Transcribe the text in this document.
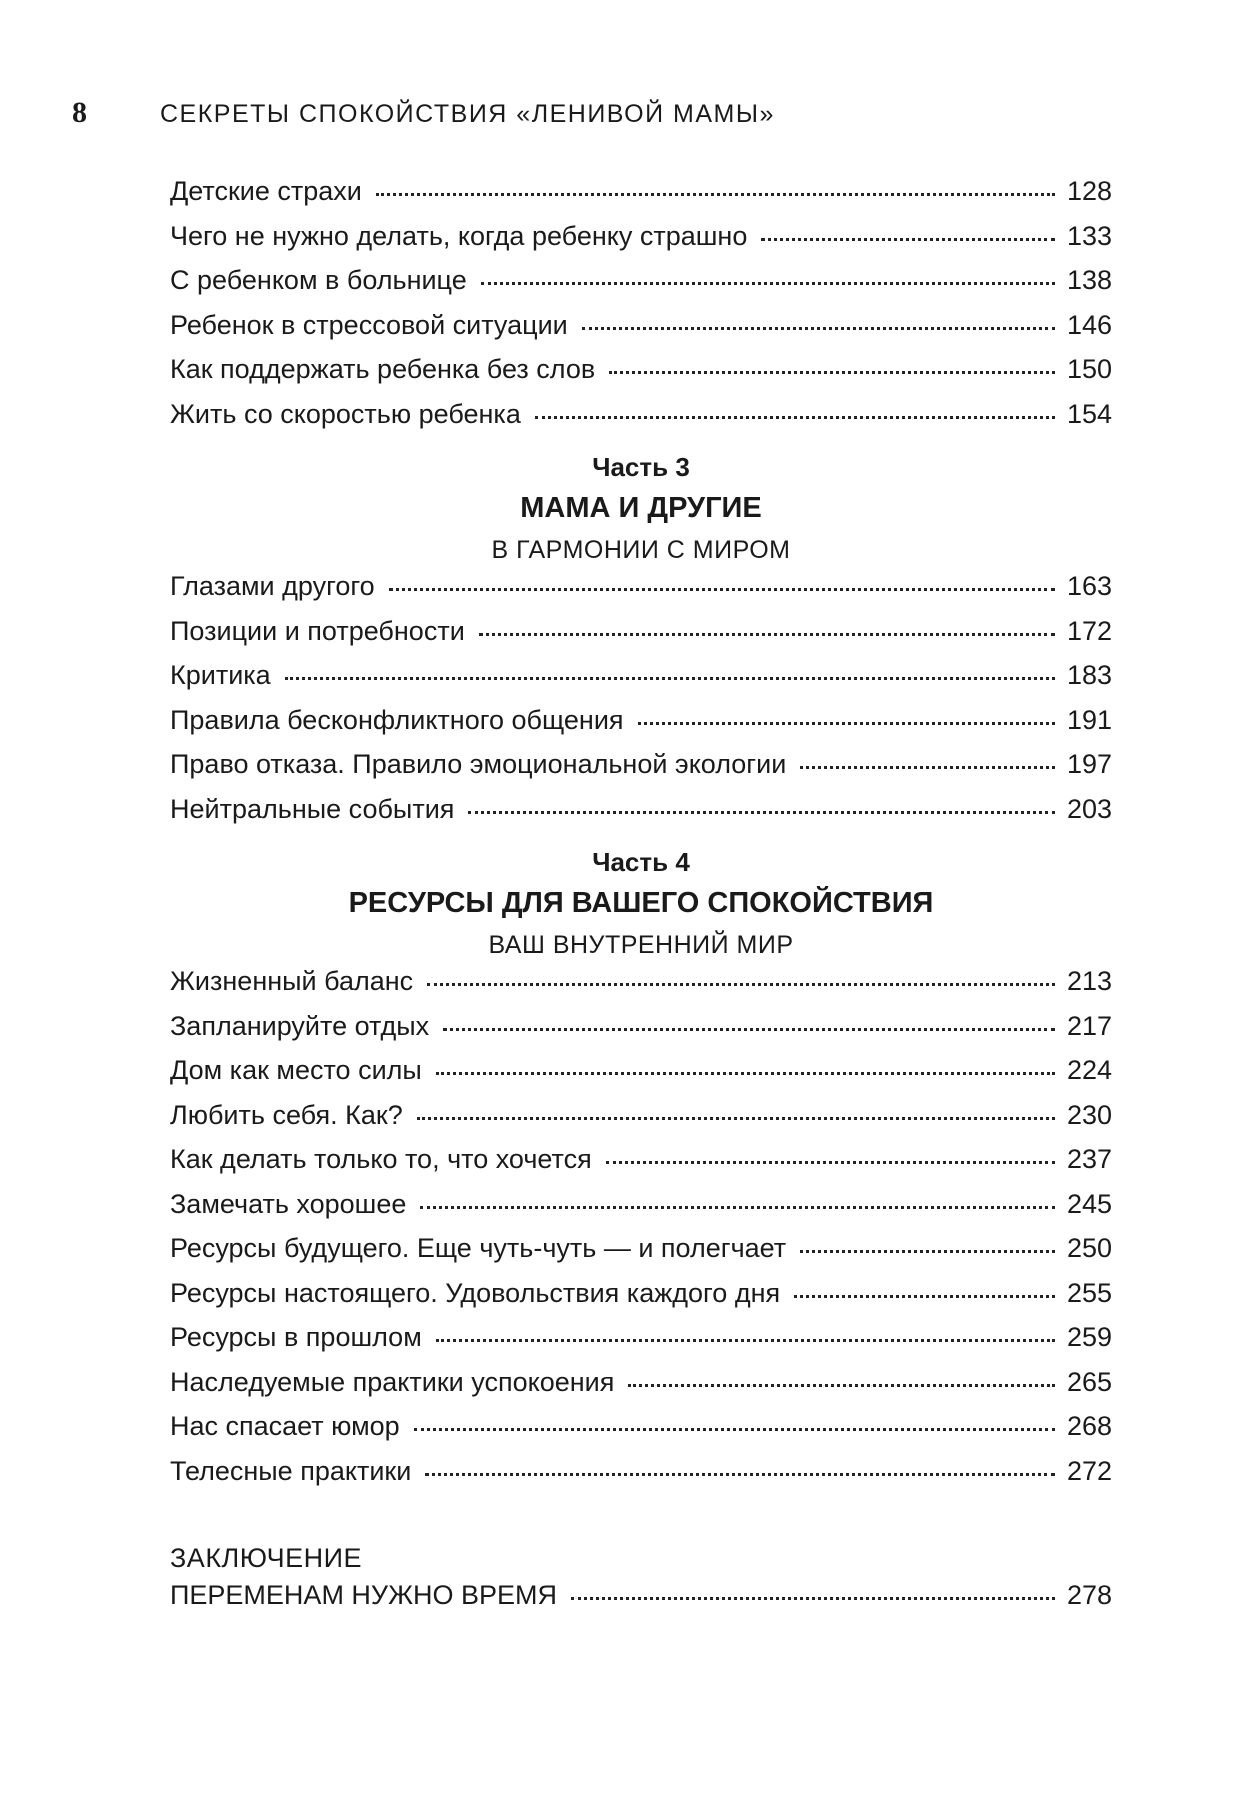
8	СЕКРЕТЫ СПОКОЙСТВИЯ «ЛЕНИВОЙ МАМЫ»
Детские страхи	128
Чего не нужно делать, когда ребенку страшно	133
С ребенком в больнице	138
Ребенок в стрессовой ситуации	146
Как поддержать ребенка без слов	150
Жить со скоростью ребенка	154
Часть 3
МАМА И ДРУГИЕ
В ГАРМОНИИ С МИРОМ
Глазами другого	163
Позиции и потребности	172
Критика	183
Правила бесконфликтного общения	191
Право отказа. Правило эмоциональной экологии	197
Нейтральные события	203
Часть 4
РЕСУРСЫ ДЛЯ ВАШЕГО СПОКОЙСТВИЯ
ВАШ ВНУТРЕННИЙ МИР
Жизненный баланс	213
Запланируйте отдых	217
Дом как место силы	224
Любить себя. Как?	230
Как делать только то, что хочется	237
Замечать хорошее	245
Ресурсы будущего. Еще чуть-чуть — и полегчает	250
Ресурсы настоящего. Удовольствия каждого дня	255
Ресурсы в прошлом	259
Наследуемые практики успокоения	265
Нас спасает юмор	268
Телесные практики	272
ЗАКЛЮЧЕНИЕ
ПЕРЕМЕНАМ НУЖНО ВРЕМЯ	278
